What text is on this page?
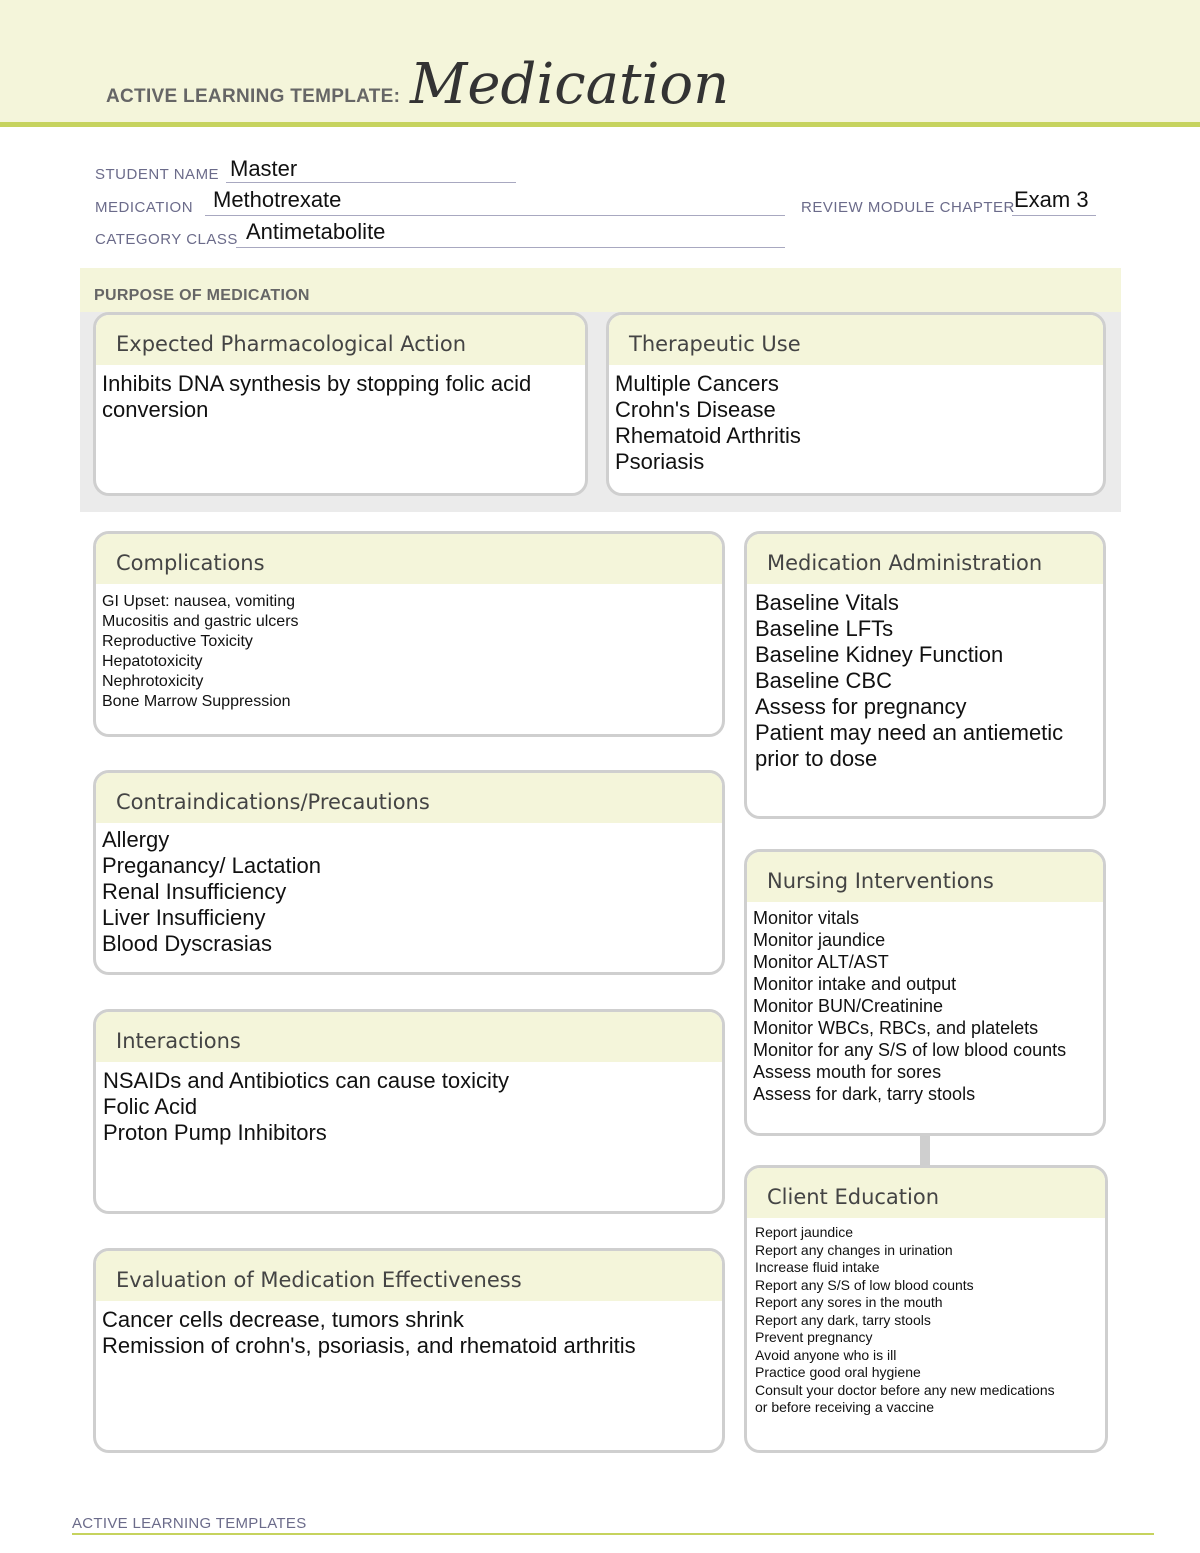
ACTIVE LEARNING TEMPLATE: Medication
STUDENT NAME Master
MEDICATION Methotrexate	REVIEW MODULE CHAPTER Exam 3
CATEGORY CLASS Antimetabolite
PURPOSE OF MEDICATION
Expected Pharmacological Action
Inhibits DNA synthesis by stopping folic acid
conversion
Therapeutic Use
Multiple Cancers
Crohn's Disease
Rhematoid Arthritis
Psoriasis
Complications
GI Upset: nausea, vomiting
Mucositis and gastric ulcers
Reproductive Toxicity
Hepatotoxicity
Nephrotoxicity
Bone Marrow Suppression
Medication Administration
Baseline Vitals
Baseline LFTs
Baseline Kidney Function
Baseline CBC
Assess for pregnancy
Patient may need an antiemetic
prior to dose
Contraindications/Precautions
Allergy
Preganancy/ Lactation
Renal Insufficiency
Liver Insufficieny
Blood Dyscrasias
Nursing Interventions
Monitor vitals
Monitor jaundice
Monitor ALT/AST
Monitor intake and output
Monitor BUN/Creatinine
Monitor WBCs, RBCs, and platelets
Monitor for any S/S of low blood counts
Assess mouth for sores
Assess for dark, tarry stools
Interactions
NSAIDs and Antibiotics can cause toxicity
Folic Acid
Proton Pump Inhibitors
Client Education
Report jaundice
Report any changes in urination
Increase fluid intake
Report any S/S of low blood counts
Report any sores in the mouth
Report any dark, tarry stools
Prevent pregnancy
Avoid anyone who is ill
Practice good oral hygiene
Consult your doctor before any new medications
or before receiving a vaccine
Evaluation of Medication Effectiveness
Cancer cells decrease, tumors shrink
Remission of crohn's, psoriasis, and rhematoid arthritis
ACTIVE LEARNING TEMPLATES
